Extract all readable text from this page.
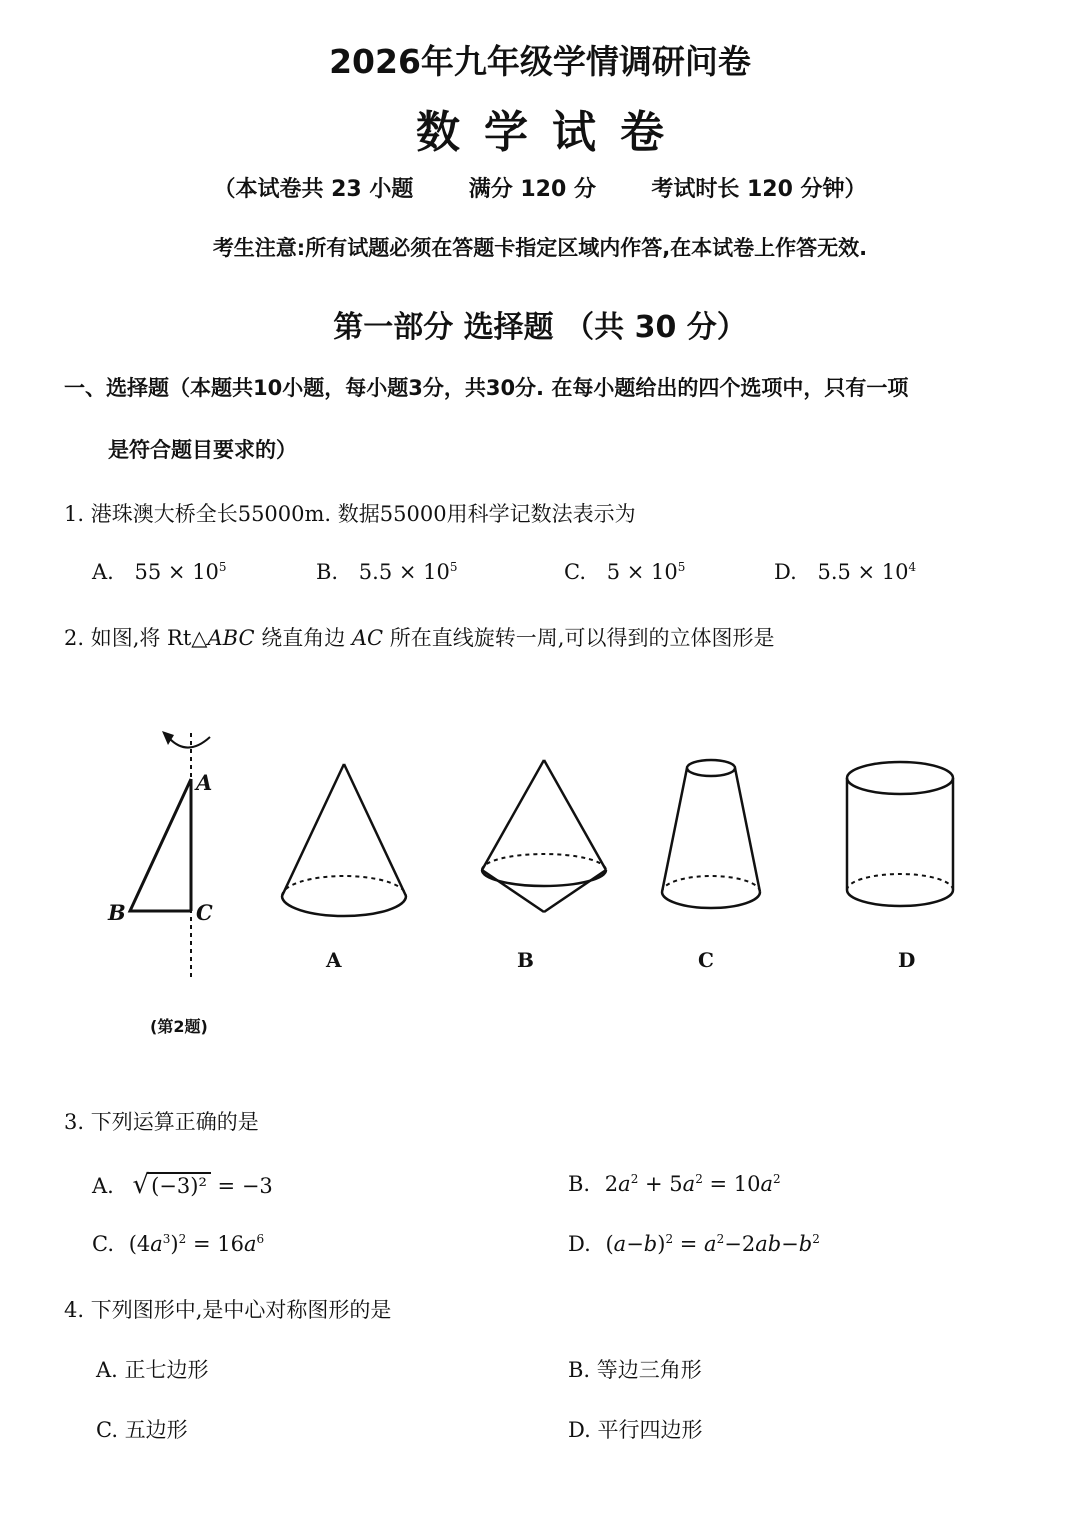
2026年九年级学情调研问卷
数学试卷
（本试卷共 23 小题	满分 120 分	考试时长 120 分钟）
考生注意:所有试题必须在答题卡指定区域内作答,在本试卷上作答无效.
第一部分 选择题 （共 30 分）
一、选择题（本题共10小题，每小题3分，共30分. 在每小题给出的四个选项中，只有一项
是符合题目要求的）
1. 港珠澳大桥全长55000m. 数据55000用科学记数法表示为
A. $55 \times 10^5$	B. $5.5 \times 10^5$	C. $5 \times 10^5$	D. $5.5 \times 10^4$
2. 如图,将 Rt△ABC 绕直角边 AC 所在直线旋转一周,可以得到的立体图形是
A
B	C
(第2题)
A	B	C	D
3. 下列运算正确的是
A. √(−3)² = −3	B. $2a^2 + 5a^2 = 10a^2$
C. $(4a^3)^2 = 16a^6$	D. $(a-b)^2 = a^2-2ab-b^2$
4. 下列图形中,是中心对称图形的是
A. 正七边形	B. 等边三角形
C. 五边形	D. 平行四边形
